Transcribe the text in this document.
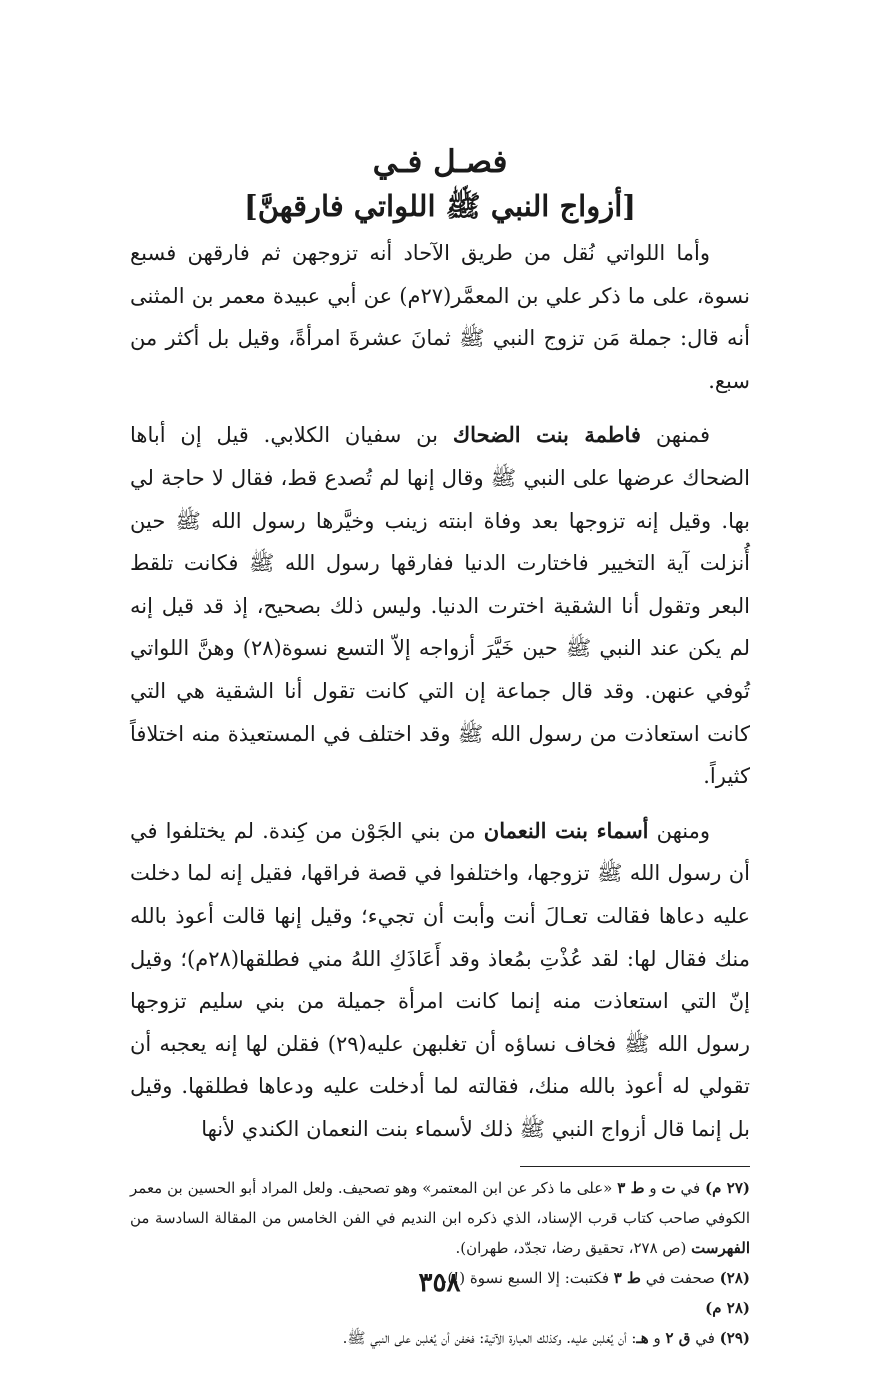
فصـل فـي
[أزواج النبي ﷺ اللواتي فارقهنَّ]

وأما اللواتي نُقل من طريق الآحاد أنه تزوجهن ثم فارقهن فسبع نسوة، على ما ذكر علي بن المعمَّر(٢٧م) عن أبي عبيدة معمر بن المثنى أنه قال: جملة مَن تزوج النبي ﷺ ثمانَ عشرةَ امرأةً، وقيل بل أكثر من سبع.

فمنهن فاطمة بنت الضحاك بن سفيان الكلابي. قيل إن أباها الضحاك عرضها على النبي ﷺ وقال إنها لم تُصدع قط، فقال لا حاجة لي بها. وقيل إنه تزوجها بعد وفاة ابنته زينب وخيَّرها رسول الله ﷺ حين أُنزلت آية التخيير فاختارت الدنيا ففارقها رسول الله ﷺ فكانت تلقط البعر وتقول أنا الشقية اخترت الدنيا. وليس ذلك بصحيح، إذ قد قيل إنه لم يكن عند النبي ﷺ حين خَيَّرَ أزواجه إلاّ التسع نسوة(٢٨) وهنَّ اللواتي تُوفي عنهن. وقد قال جماعة إن التي كانت تقول أنا الشقية هي التي كانت استعاذت من رسول الله ﷺ وقد اختلف في المستعيذة منه اختلافاً كثيراً.

ومنهن أسماء بنت النعمان من بني الجَوْن من كِندة. لم يختلفوا في أن رسول الله ﷺ تزوجها، واختلفوا في قصة فراقها، فقيل إنه لما دخلت عليه دعاها فقالت تعـالَ أنت وأبت أن تجيء؛ وقيل إنها قالت أعوذ بالله منك فقال لها: لقد عُذْتِ بمُعاذ وقد أَعَاذَكِ اللهُ مني فطلقها(٢٨م)؛ وقيل إنّ التي استعاذت منه إنما كانت امرأة جميلة من بني سليم تزوجها رسول الله ﷺ فخاف نساؤه أن تغلبهن عليه(٢٩) فقلن لها إنه يعجبه أن تقولي له أعوذ بالله منك، فقالته لما أدخلت عليه ودعاها فطلقها. وقيل بل إنما قال أزواج النبي ﷺ ذلك لأسماء بنت النعمان الكندي لأنها

(٢٧ م) في ت و ط ٣ «على ما ذكر عن ابن المعتمر» وهو تصحيف. ولعل المراد أبو الحسين بن معمر الكوفي صاحب كتاب قرب الإسناد، الذي ذكره ابن النديم في الفن الخامس من المقالة السادسة من الفهرست (ص ٢٧٨، تحقيق رضا، تجدّد، طهران).

(٢٨) صحفت في ط ٣ فكتبت: إلا السبع نسوة (!).

(٢٨ م)

(٢٩) في ق ٢ و هـ: أن يُغلبن عليه. وكذلك العبارة الآتية: فخفن أن يُغلبن على النبي ﷺ.

٣٥٨
